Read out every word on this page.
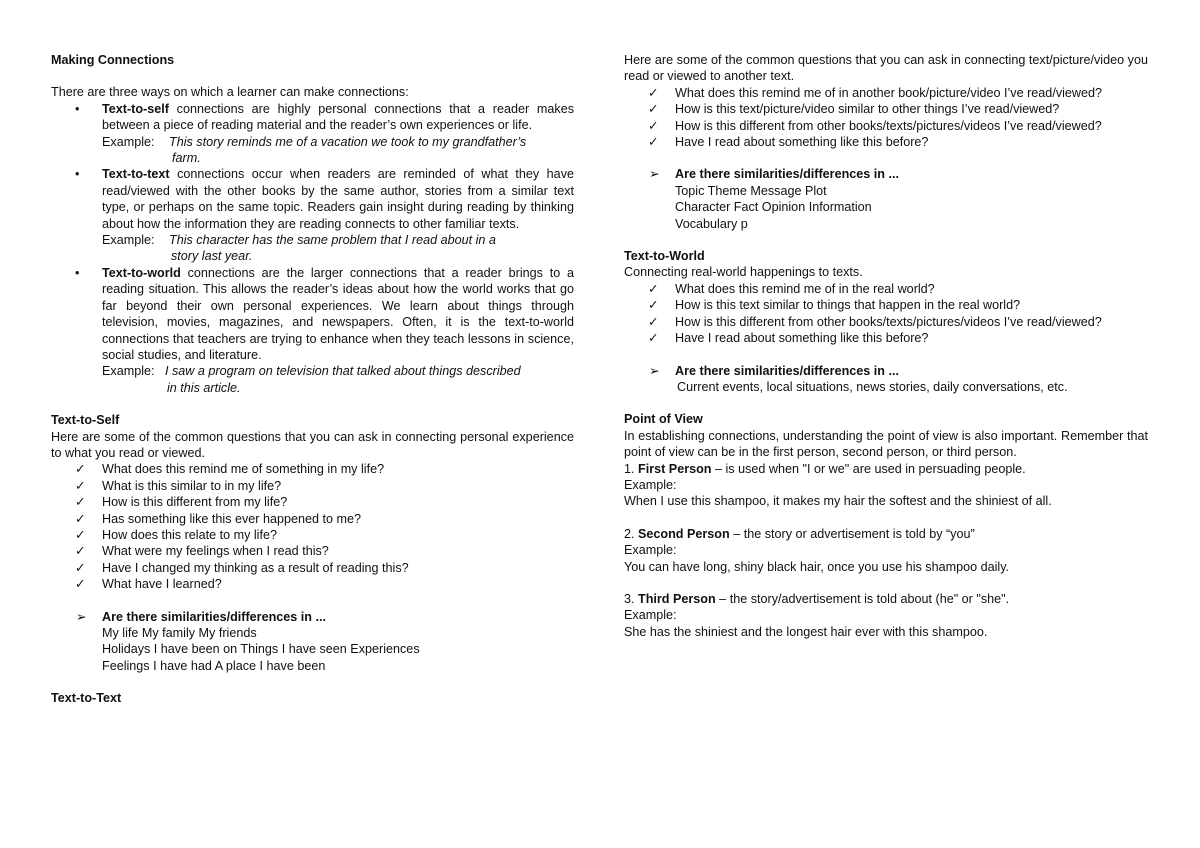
Making Connections

There are three ways on which a learner can make connections:

• Text-to-self connections are highly personal connections that a reader makes between a piece of reading material and the reader’s own experiences or life.

Example:	This story reminds me of a vacation we took to my grandfather’s

farm.

• Text-to-text connections occur when readers are reminded of what they have read/viewed with the other books by the same author, stories from a similar text type, or perhaps on the same topic. Readers gain insight during reading by thinking about how the information they are reading connects to other familiar texts.

Example:	This character has the same problem that I read about in a

story last year.

• Text-to-world connections are the larger connections that a reader brings to a reading situation. This allows the reader’s ideas about how the world works that go far beyond their own personal experiences. We learn about things through television, movies, magazines, and newspapers. Often, it is the text-to-world connections that teachers are trying to enhance when they teach lessons in science, social studies, and literature.

Example: I saw a program on television that talked about things described

in this article.

Text-to-Self

Here are some of the common questions that you can ask in connecting personal experience to what you read or viewed.

✓ What does this remind me of something in my life?
✓ What is this similar to in my life?
✓ How is this different from my life?
✓ Has something like this ever happened to me?
✓ How does this relate to my life?
✓ What were my feelings when I read this?
✓ Have I changed my thinking as a result of reading this?
✓ What have I learned?
➢ Are there similarities/differences in ...

My life My family My friends

Holidays I have been on Things I have seen Experiences

Feelings I have had A place I have been

Text-to-Text

Here are some of the common questions that you can ask in connecting text/picture/video you read or viewed to another text.

✓ What does this remind me of in another book/picture/video I’ve read/viewed?
✓ How is this text/picture/video similar to other things I’ve read/viewed?
✓ How is this different from other books/texts/pictures/videos I’ve read/viewed?
✓ Have I read about something like this before?
➢ Are there similarities/differences in ...

Topic Theme Message Plot

Character Fact Opinion Information

Vocabulary p

Text-to-World

Connecting real-world happenings to texts.

✓ What does this remind me of in the real world?
✓ How is this text similar to things that happen in the real world?
✓ How is this different from other books/texts/pictures/videos I’ve read/viewed?
✓ Have I read about something like this before?
➢ Are there similarities/differences in ...

Current events, local situations, news stories, daily conversations, etc.

Point of View

In establishing connections, understanding the point of view is also important. Remember that point of view can be in the first person, second person, or third person.

1. First Person – is used when "I or we" are used in persuading people.

Example:

When I use this shampoo, it makes my hair the softest and the shiniest of all.

2. Second Person – the story or advertisement is told by “you”

Example:

You can have long, shiny black hair, once you use his shampoo daily.

3. Third Person – the story/advertisement is told about (he" or "she".

Example:

She has the shiniest and the longest hair ever with this shampoo.
